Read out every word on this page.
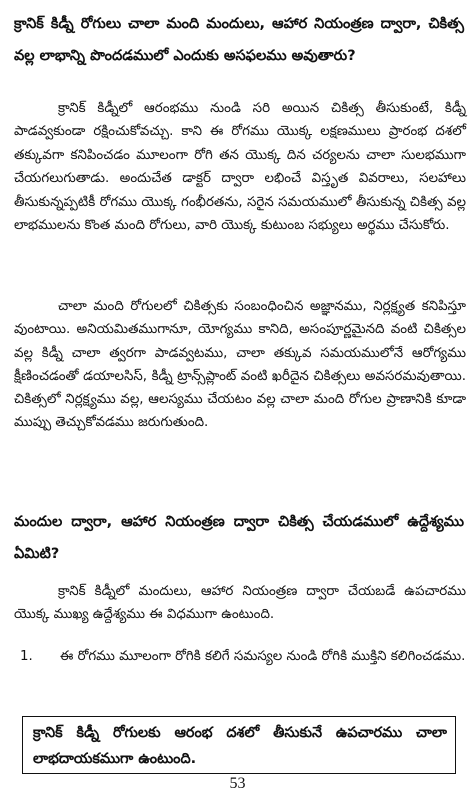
క్రానిక్ కిడ్నీ రోగులు చాలా మంది మందులు, ఆహార నియంత్రణ ద్వారా, చికిత్స వల్ల లాభాన్ని పొందడములో ఎందుకు అసఫలము అవుతారు?
క్రానిక్ కిడ్నీలో ఆరంభము నుండి సరి అయిన చికిత్స తీసుకుంటే, కిడ్నీ పాడవ్వకుండా రక్షించుకోవచ్చు. కాని ఈ రోగము యొక్క లక్షణములు ప్రారంభ దశలో తక్కువగా కనిపించడం మూలంగా రోగి తన యొక్క దిన చర్యలను చాలా సులభముగా చేయగలుగుతాడు. అందుచేత డాక్టర్ ద్వారా లభించే విస్తృత వివరాలు, సలహాలు తీసుకున్నప్పటికీ రోగము యొక్క గంభీరతను, సరైన సమయములో తీసుకున్న చికిత్స వల్ల లాభములను కొంత మంది రోగులు, వారి యొక్క కుటుంబ సభ్యులు అర్థము చేసుకోరు.
చాలా మంది రోగులలో చికిత్సకు సంబంధించిన అజ్ఞానము, నిర్లక్ష్యత కనిపిస్తూ వుంటాయి. అనియమితముగానూ, యోగ్యము కానిది, అసంపూర్ణమైనది వంటి చికిత్సల వల్ల కిడ్నీ చాలా త్వరగా పాడవ్వటము, చాలా తక్కువ సమయములోనే ఆరోగ్యము క్షీణించడంతో డయాలసిస్, కిడ్నీ ట్రాన్స్‌ప్లాంట్ వంటి ఖరీదైన చికిత్సలు అవసరమవుతాయి. చికిత్సలో నిర్లక్ష్యము వల్ల, ఆలస్యము చేయటం వల్ల చాలా మంది రోగుల ప్రాణానికి కూడా ముప్పు తెచ్చుకోవడము జరుగుతుంది.
మందుల ద్వారా, ఆహార నియంత్రణ ద్వారా చికిత్స చేయడములో ఉద్దేశ్యము ఏమిటి?
క్రానిక్ కిడ్నీలో మందులు, ఆహార నియంత్రణ ద్వారా చేయబడే ఉపచారము యొక్క ముఖ్య ఉద్దేశ్యము ఈ విధముగా ఉంటుంది.
1. ఈ రోగము మూలంగా రోగికి కలిగే సమస్యల నుండి రోగికి ముక్తిని కలిగించడము.
క్రానిక్ కిడ్నీ రోగులకు ఆరంభ దశలో తీసుకునే ఉపచారము చాలా లాభదాయకముగా ఉంటుంది.
53
